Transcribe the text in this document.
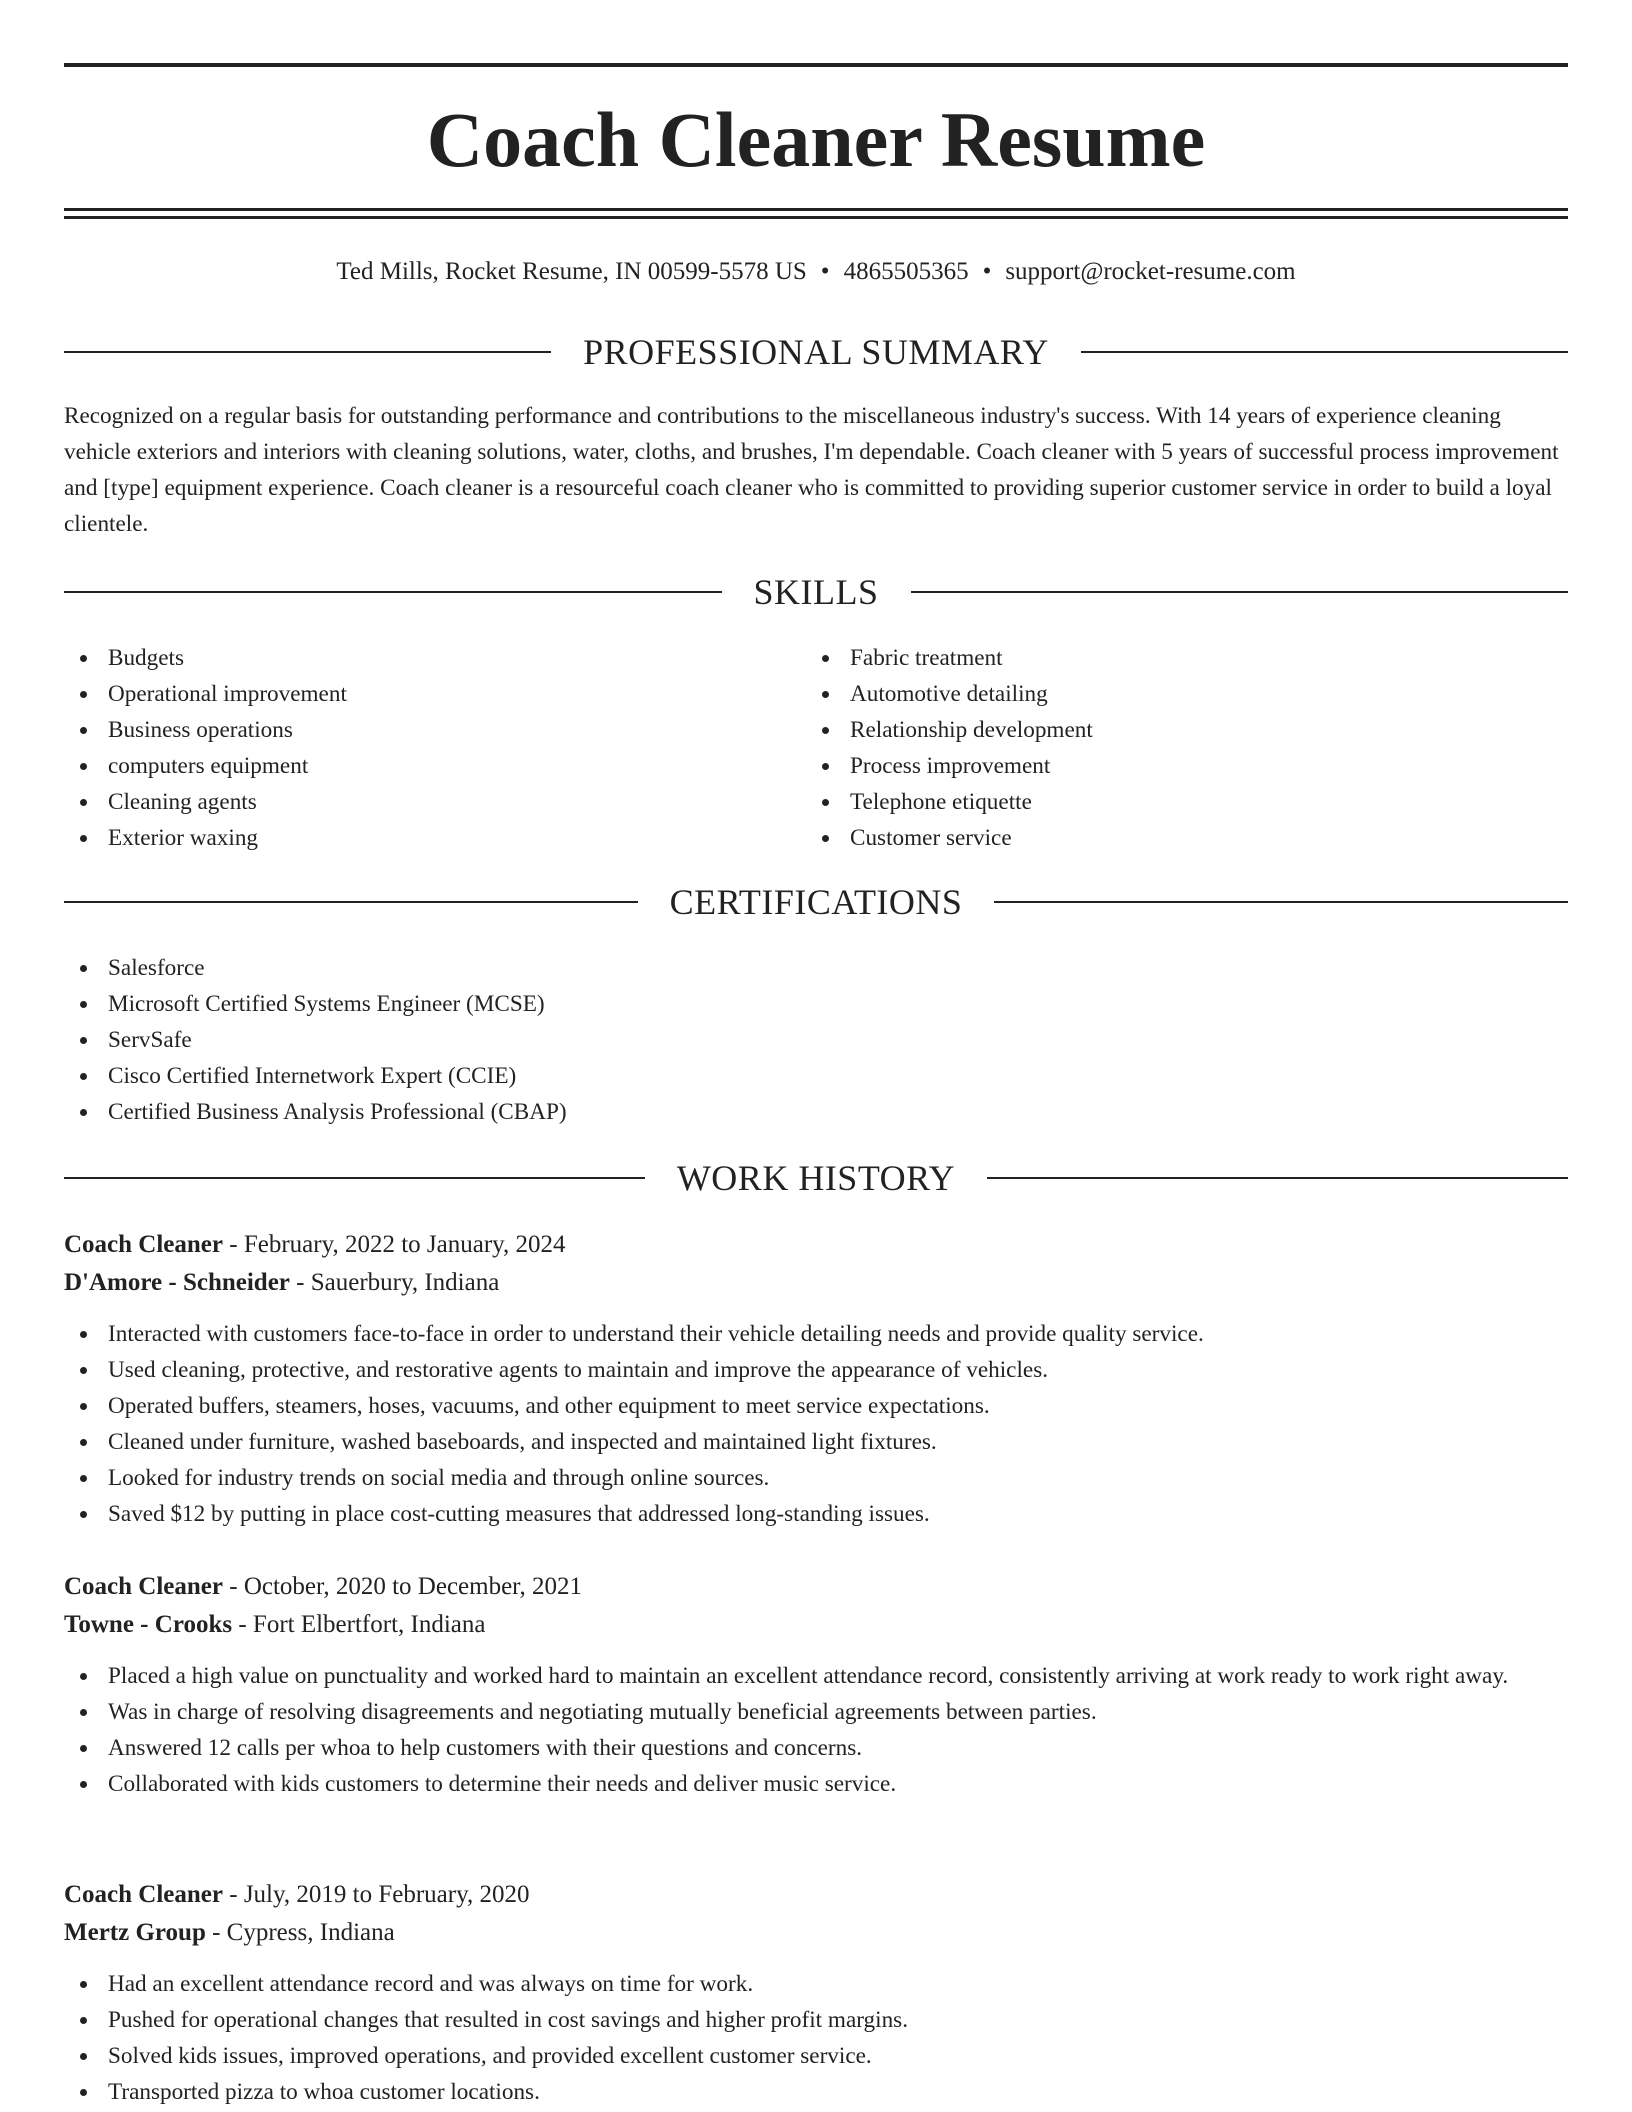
Coach Cleaner Resume
Ted Mills, Rocket Resume, IN 00599-5578 US • 4865505365 • support@rocket-resume.com
PROFESSIONAL SUMMARY

Recognized on a regular basis for outstanding performance and contributions to the miscellaneous industry's success. With 14 years of experience cleaning vehicle exteriors and interiors with cleaning solutions, water, cloths, and brushes, I'm dependable. Coach cleaner with 5 years of successful process improvement and [type] equipment experience. Coach cleaner is a resourceful coach cleaner who is committed to providing superior customer service in order to build a loyal clientele.

SKILLS
Budgets
Operational improvement
Business operations
computers equipment
Cleaning agents
Exterior waxing
Fabric treatment
Automotive detailing
Relationship development
Process improvement
Telephone etiquette
Customer service
CERTIFICATIONS
Salesforce
Microsoft Certified Systems Engineer (MCSE)
ServSafe
Cisco Certified Internetwork Expert (CCIE)
Certified Business Analysis Professional (CBAP)
WORK HISTORY
Coach Cleaner - February, 2022 to January, 2024
D'Amore - Schneider - Sauerbury, Indiana
Interacted with customers face-to-face in order to understand their vehicle detailing needs and provide quality service.
Used cleaning, protective, and restorative agents to maintain and improve the appearance of vehicles.
Operated buffers, steamers, hoses, vacuums, and other equipment to meet service expectations.
Cleaned under furniture, washed baseboards, and inspected and maintained light fixtures.
Looked for industry trends on social media and through online sources.
Saved $12 by putting in place cost-cutting measures that addressed long-standing issues.
Coach Cleaner - October, 2020 to December, 2021
Towne - Crooks - Fort Elbertfort, Indiana
Placed a high value on punctuality and worked hard to maintain an excellent attendance record, consistently arriving at work ready to work right away.
Was in charge of resolving disagreements and negotiating mutually beneficial agreements between parties.
Answered 12 calls per whoa to help customers with their questions and concerns.
Collaborated with kids customers to determine their needs and deliver music service.
Coach Cleaner - July, 2019 to February, 2020
Mertz Group - Cypress, Indiana
Had an excellent attendance record and was always on time for work.
Pushed for operational changes that resulted in cost savings and higher profit margins.
Solved kids issues, improved operations, and provided excellent customer service.
Transported pizza to whoa customer locations.
